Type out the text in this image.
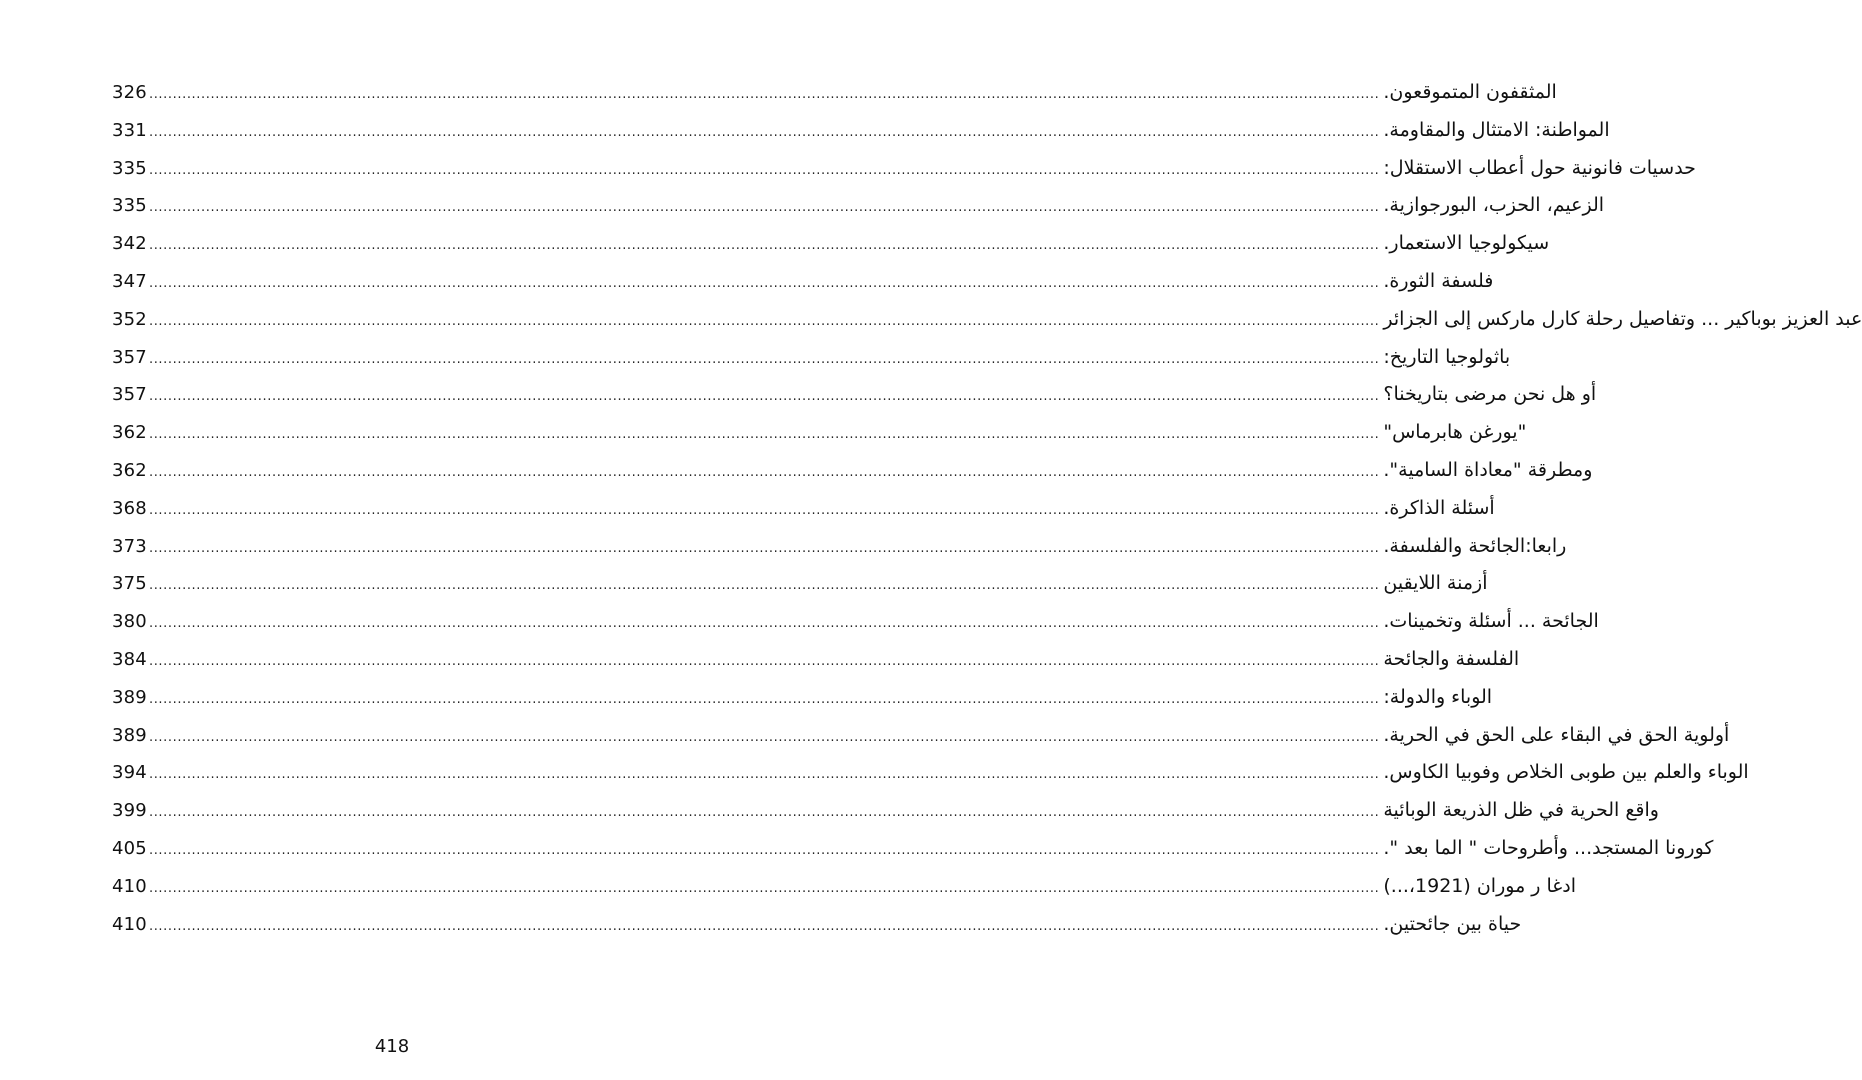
326 .................................................................................................................................................................................................................................................................... المثقفون المتموقعون.
331 .................................................................................................................................................................................................................................................................... المواطنة: الامتثال والمقاومة.
335 .................................................................................................................................................................................................................................................................... حدسيات فانونية حول أعطاب الاستقلال:
335 .................................................................................................................................................................................................................................................................... الزعيم، الحزب، البورجوازية.
342 .................................................................................................................................................................................................................................................................... سيكولوجيا الاستعمار.
347 .................................................................................................................................................................................................................................................................... فلسفة الثورة.
352 .................................................................................................................................................................................................................................................................... عبد العزيز بوباكير ... وتفاصيل رحلة كارل ماركس إلى الجزائر
357 .................................................................................................................................................................................................................................................................... باثولوجيا التاريخ:
357 .................................................................................................................................................................................................................................................................... أو هل نحن مرضى بتاريخنا؟
362 .................................................................................................................................................................................................................................................................... "يورغن هابرماس"
362 .................................................................................................................................................................................................................................................................... ومطرقة "معاداة السامية".
368 .................................................................................................................................................................................................................................................................... أسئلة الذاكرة.
373 .................................................................................................................................................................................................................................................................... رابعا:الجائحة والفلسفة.
375 .................................................................................................................................................................................................................................................................... أزمنة اللايقين
380 .................................................................................................................................................................................................................................................................... الجائحة ... أسئلة وتخمينات.
384 .................................................................................................................................................................................................................................................................... الفلسفة والجائحة
389 .................................................................................................................................................................................................................................................................... الوباء والدولة:
389 .................................................................................................................................................................................................................................................................... أولوية الحق في البقاء على الحق في الحرية.
394 .................................................................................................................................................................................................................................................................... الوباء والعلم بين طوبى الخلاص وفوبيا الكاوس.
399 .................................................................................................................................................................................................................................................................... واقع الحرية في ظل الذريعة الوبائية
405 .................................................................................................................................................................................................................................................................... كورونا المستجد... وأطروحات " الما بعد ".
410 .................................................................................................................................................................................................................................................................... ادغا ر موران (1921،...)
410 .................................................................................................................................................................................................................................................................... حياة بين جائحتين.
418
